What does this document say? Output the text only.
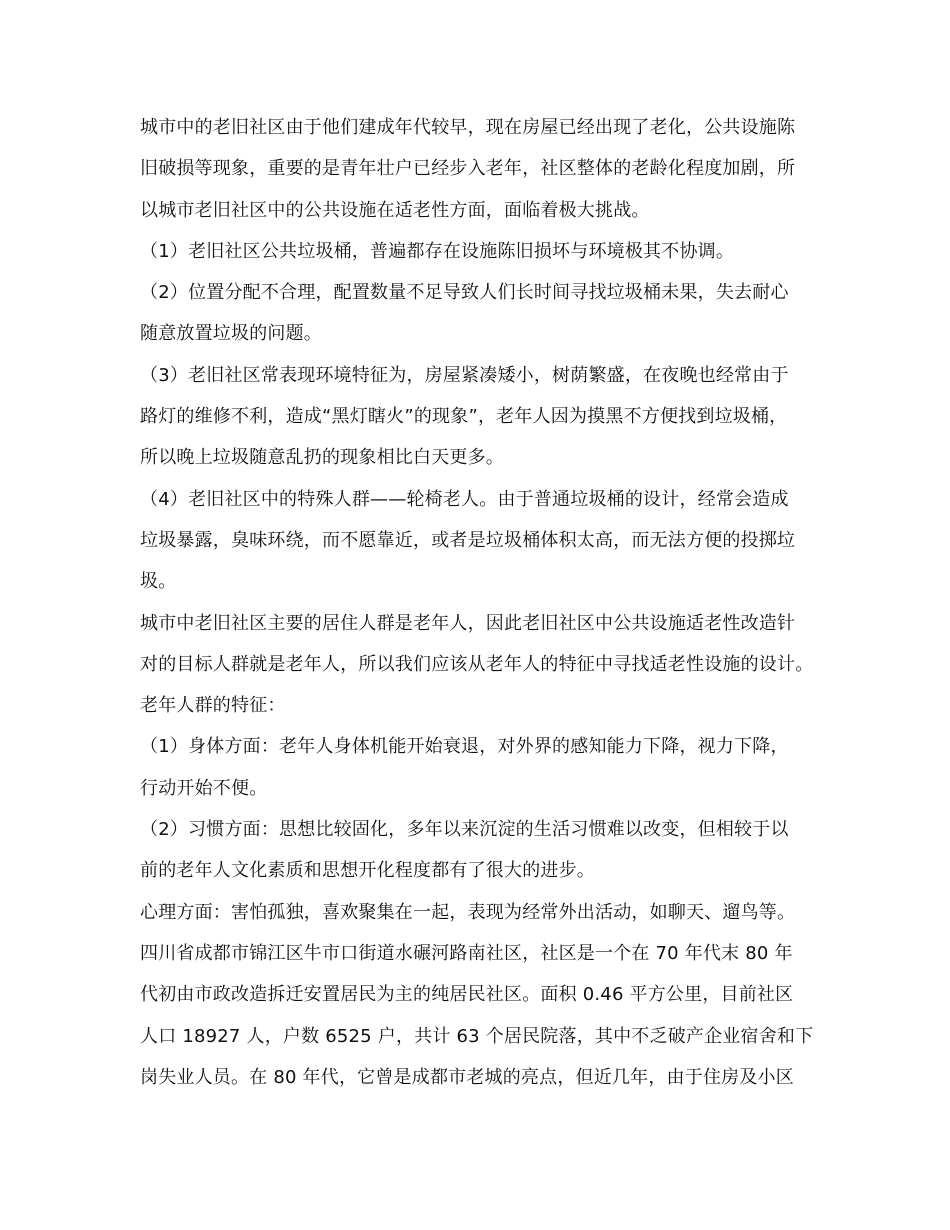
城市中的老旧社区由于他们建成年代较早，现在房屋已经出现了老化，公共设施陈
旧破损等现象，重要的是青年壮户已经步入老年，社区整体的老龄化程度加剧，所
以城市老旧社区中的公共设施在适老性方面，面临着极大挑战。
（1）老旧社区公共垃圾桶，普遍都存在设施陈旧损坏与环境极其不协调。
（2）位置分配不合理，配置数量不足导致人们长时间寻找垃圾桶未果，失去耐心
随意放置垃圾的问题。
（3）老旧社区常表现环境特征为，房屋紧凑矮小，树荫繁盛，在夜晚也经常由于
路灯的维修不利，造成“黑灯瞎火”的现象”，老年人因为摸黑不方便找到垃圾桶，
所以晚上垃圾随意乱扔的现象相比白天更多。
（4）老旧社区中的特殊人群——轮椅老人。由于普通垃圾桶的设计，经常会造成
垃圾暴露，臭味环绕，而不愿靠近，或者是垃圾桶体积太高，而无法方便的投掷垃
圾。
城市中老旧社区主要的居住人群是老年人，因此老旧社区中公共设施适老性改造针
对的目标人群就是老年人，所以我们应该从老年人的特征中寻找适老性设施的设计。
老年人群的特征：
（1）身体方面：老年人身体机能开始衰退，对外界的感知能力下降，视力下降，
行动开始不便。
（2）习惯方面：思想比较固化，多年以来沉淀的生活习惯难以改变，但相较于以
前的老年人文化素质和思想开化程度都有了很大的进步。
心理方面：害怕孤独，喜欢聚集在一起，表现为经常外出活动，如聊天、遛鸟等。
四川省成都市锦江区牛市口街道水碾河路南社区，社区是一个在 70 年代末 80 年
代初由市政改造拆迁安置居民为主的纯居民社区。面积 0.46 平方公里，目前社区
人口 18927 人，户数 6525 户，共计 63 个居民院落，其中不乏破产企业宿舍和下
岗失业人员。在 80 年代，它曾是成都市老城的亮点，但近几年，由于住房及小区
